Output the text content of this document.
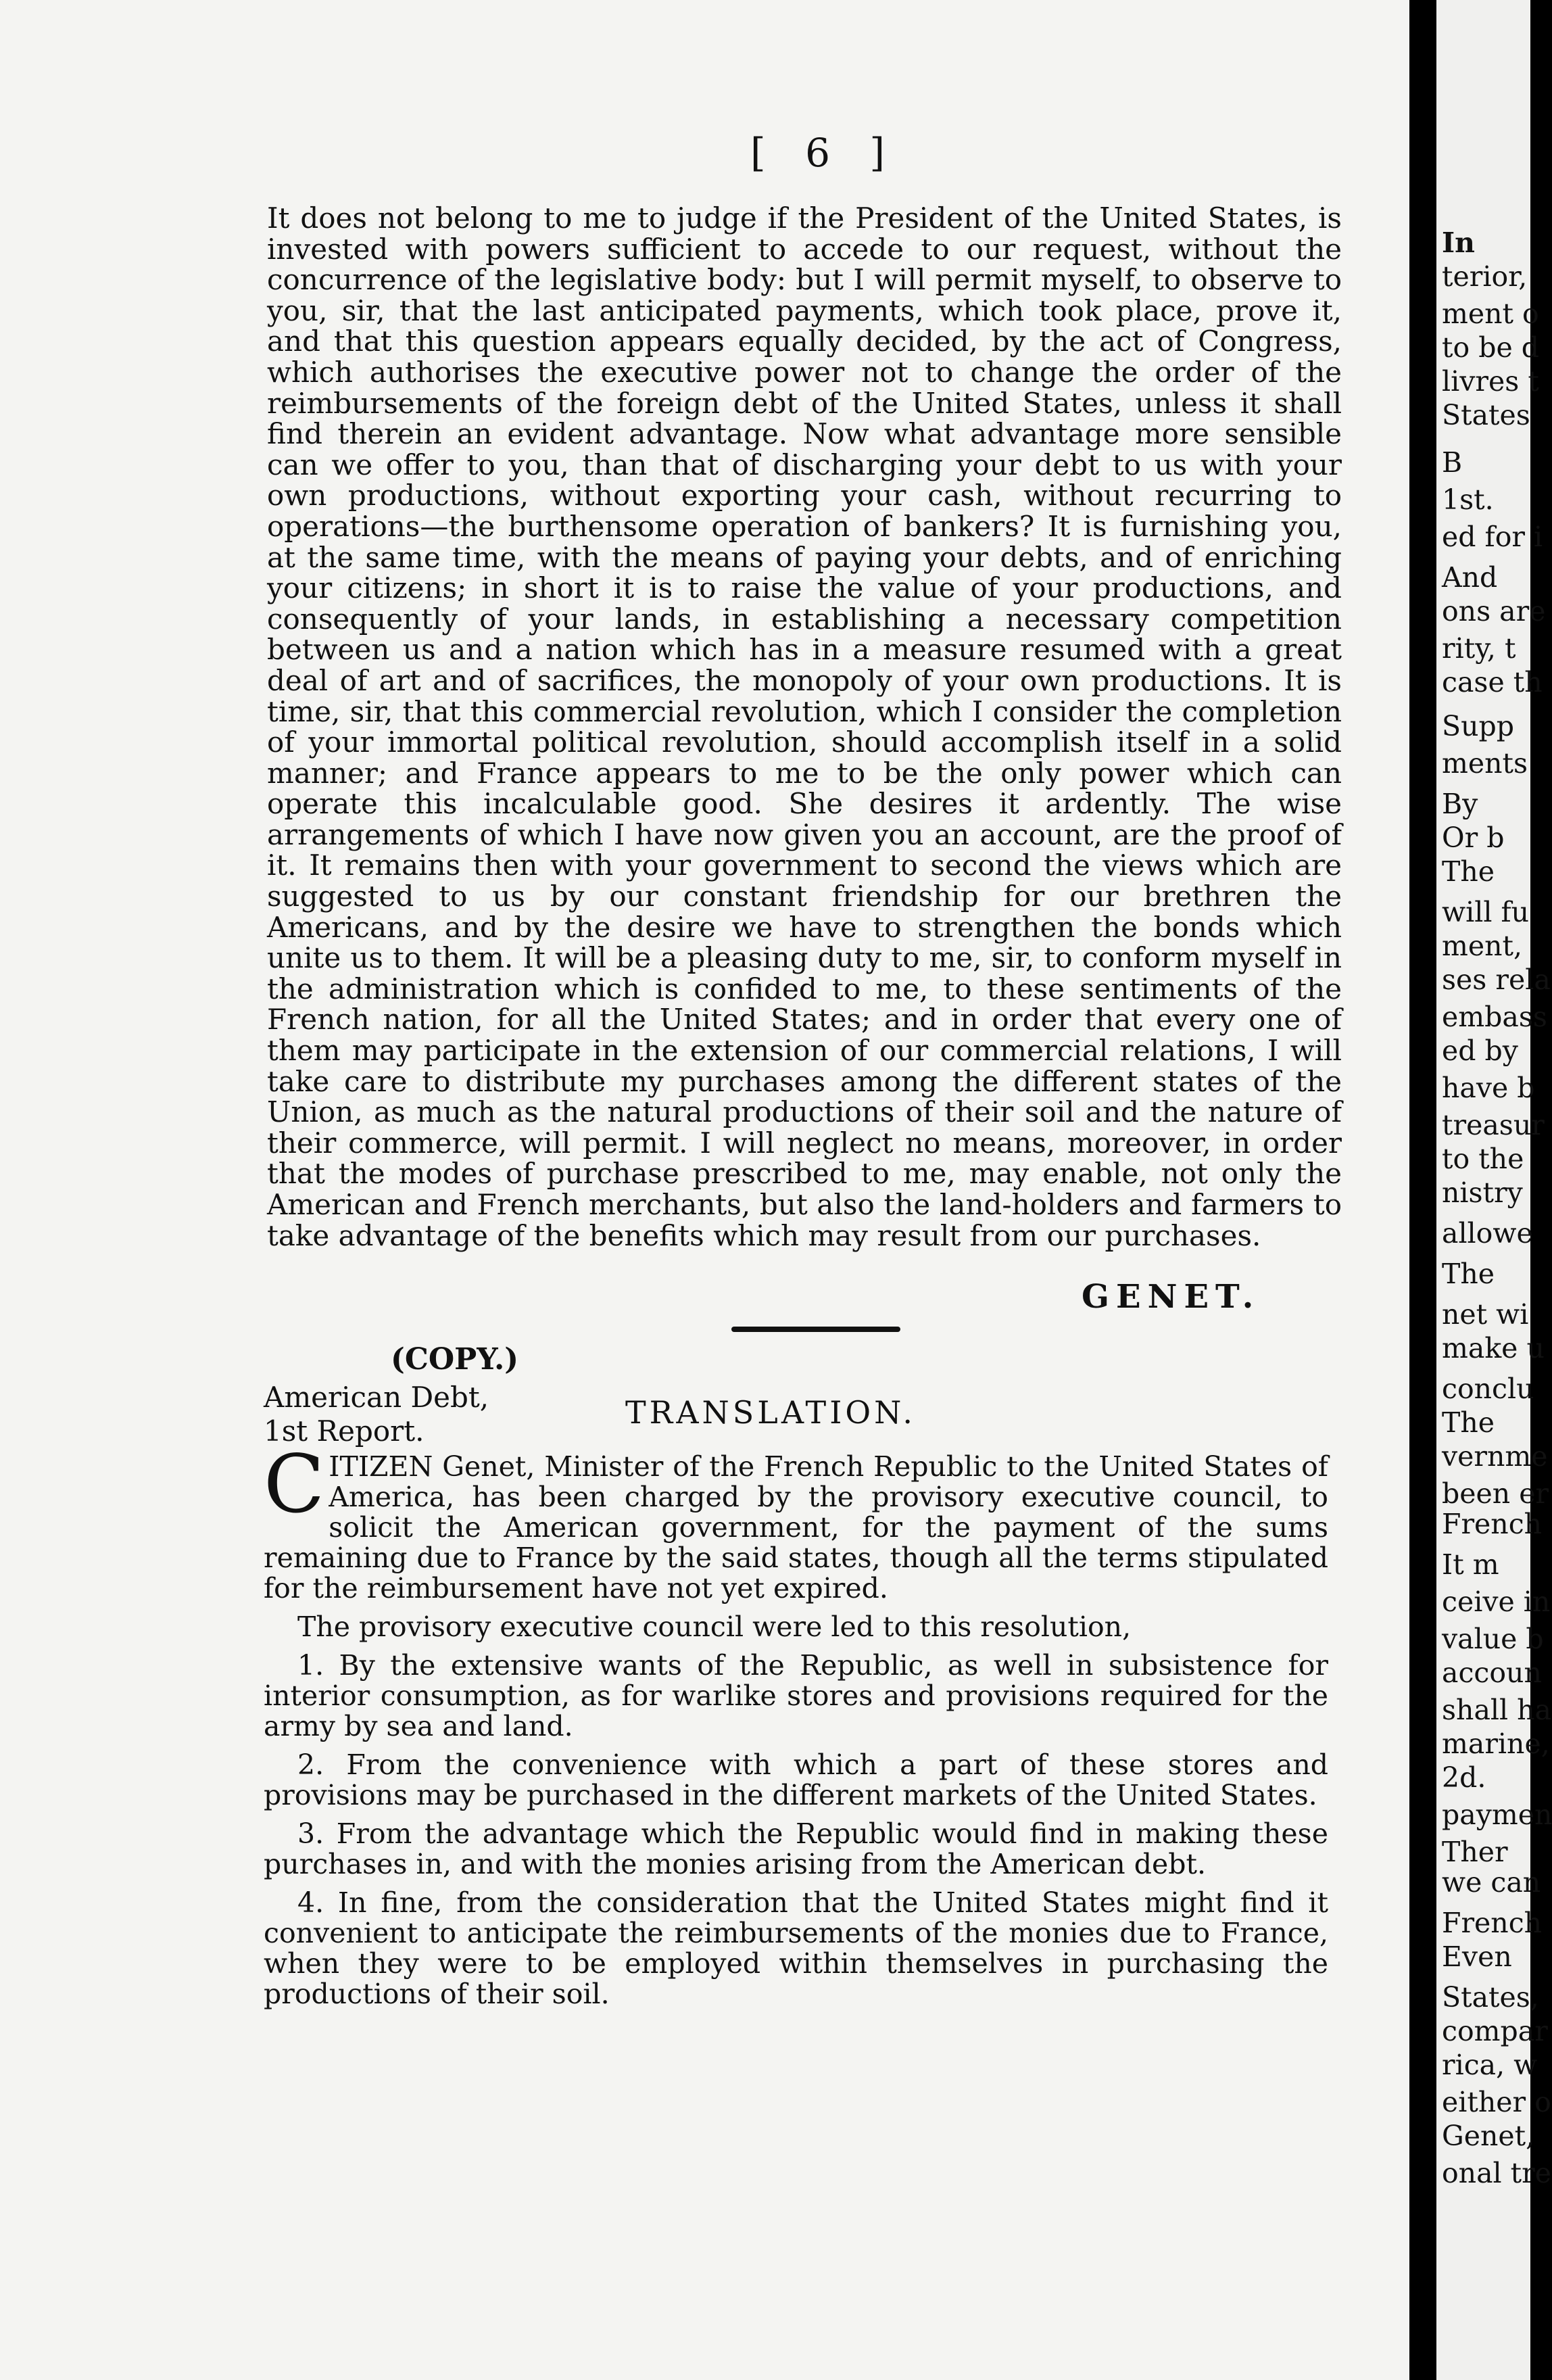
[ 6 ]

It does not belong to me to judge if the President of the United States, is invested with powers sufficient to accede to our request, without the concurrence of the legislative body: but I will permit myself, to observe to you, sir, that the last anticipated payments, which took place, prove it, and that this question appears equally decided, by the act of Congress, which authorises the executive power not to change the order of the reimbursements of the foreign debt of the United States, unless it shall find therein an evident advantage. Now what advantage more sensible can we offer to you, than that of discharging your debt to us with your own productions, without exporting your cash, without recurring to operations—the burthensome operation of bankers? It is furnishing you, at the same time, with the means of paying your debts, and of enriching your citizens; in short it is to raise the value of your productions, and consequently of your lands, in establishing a necessary competition between us and a nation which has in a measure resumed with a great deal of art and of sacrifices, the monopoly of your own productions. It is time, sir, that this commercial revolution, which I consider the completion of your immortal political revolution, should accomplish itself in a solid manner; and France appears to me to be the only power which can operate this incalculable good. She desires it ardently. The wise arrangements of which I have now given you an account, are the proof of it. It remains then with your government to second the views which are suggested to us by our constant friendship for our brethren the Americans, and by the desire we have to strengthen the bonds which unite us to them. It will be a pleasing duty to me, sir, to conform myself in the administration which is confided to me, to these sentiments of the French nation, for all the United States; and in order that every one of them may participate in the extension of our commercial relations, I will take care to distribute my purchases among the different states of the Union, as much as the natural productions of their soil and the nature of their commerce, will permit. I will neglect no means, moreover, in order that the modes of purchase prescribed to me, may enable, not only the American and French merchants, but also the land-holders and farmers to take advantage of the benefits which may result from our purchases.

GENET.
(COPY.)
American Debt,
1st Report.
TRANSLATION.

CITIZEN Genet, Minister of the French Republic to the United States of America, has been charged by the provisory executive council, to solicit the American government, for the payment of the sums remaining due to France by the said states, though all the terms stipulated for the reimbursement have not yet expired.

The provisory executive council were led to this resolution,

1. By the extensive wants of the Republic, as well in subsistence for interior consumption, as for warlike stores and provisions required for the army by sea and land.

2. From the convenience with which a part of these stores and provisions may be purchased in the different markets of the United States.

3. From the advantage which the Republic would find in making these purchases in, and with the monies arising from the American debt.

4. In fine, from the consideration that the United States might find it convenient to anticipate the reimbursements of the monies due to France, when they were to be employed within themselves in purchasing the productions of their soil.

In
terior,
ment o
to be d
livres t
States
B
1st.
ed for i
And
ons are
rity, t
case th
Supp
ments
By
Or b
The
will fu
ment,
ses rela
embass
ed by
have b
treasur
to the
nistry
allowe
The
net wi
make u
conclu
The
vernme
been er
French
It m
ceive in
value b
accoun
shall ha
marine,
2d.
paymen
Ther
we can
French
Even
States,
compar
rica, w
either o
Genet,
onal tre
